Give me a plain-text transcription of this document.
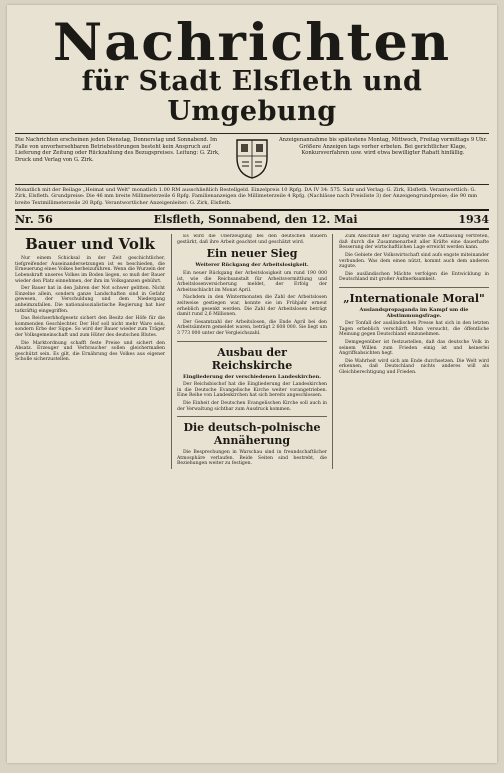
Nachrichten
für Stadt Elsfleth und Umgebung
Die Nachrichten erscheinen jeden Dienstag, Donnerstag und Sonnabend. Im Falle von unvorhersehbaren Betriebsstörungen besteht kein Anspruch auf Lieferung der Zeitung oder Rückzahlung des Bezugspreises. Leitung: G. Zirk, Druck und Verlag von G. Zirk.
Anzeigenannahme bis spätestens Montag, Mittwoch, Freitag vormittags 9 Uhr. Größere Anzeigen tags vorher erbeten. Bei gerichtlicher Klage, Konkursverfahren usw. wird etwa bewilligter Rabatt hinfällig.
Monatlich mit der Beilage „Heimat und Welt" monatlich 1.00 RM ausschließlich Bestellgeld. Einzelpreis 10 Rpfg. DA IV 34: 575. Satz und Verlag: G. Zirk, Elsfleth. Verantwortlich: G. Zirk, Elsfleth. Grundpreise: Die 46 mm breite Millimeterzeile 6 Rpfg. Familienanzeigen die Millimeterzeile 4 Rpfg. (Nachlässe nach Preisliste 3) der Anzeigengrundpreise; die 90 mm breite Textmillimeterzeile 20 Rpfg. Verantwortlicher Anzeigenleiter: G. Zirk, Elsfleth.
Nr. 56	Elsfleth, Sonnabend, den 12. Mai	1934
Bauer und Volk

Nur einem Schicksal in der Zeit geschichtlicher, tiefgreifender Auseinandersetzungen ist es beschieden, die Erneuerung eines Volkes herbeizuführen. Wenn die Wurzeln der Lebenskraft unseres Volkes im Boden liegen, so muß der Bauer wieder den Platz einnehmen, der ihm im Volksganzen gebührt.

Der Bauer hat in den Jahren der Not schwer gelitten. Nicht Einzelne allein, sondern ganze Landschaften sind in Gefahr gewesen, der Verschuldung und dem Niedergang anheimzufallen. Die nationalsozialistische Regierung hat hier tatkräftig eingegriffen.

Das Reichserbhofgesetz sichert den Besitz der Höfe für die kommenden Geschlechter. Der Hof soll nicht mehr Ware sein, sondern Erbe der Sippe. So wird der Bauer wieder zum Träger der Volksgemeinschaft und zum Hüter des deutschen Blutes.

Die Marktordnung schafft feste Preise und sichert den Absatz. Erzeuger und Verbraucher sollen gleichermaßen geschützt sein. Es gilt, die Ernährung des Volkes aus eigener Scholle sicherzustellen.

Es wird die Überzeugung bei den deutschen Bauern gestärkt, daß ihre Arbeit geachtet und geschätzt wird.

Ein neuer Sieg
Weiterer Rückgang der Arbeitslosigkeit.

Ein neuer Rückgang der Arbeitslosigkeit um rund 190 000 ist, wie die Reichsanstalt für Arbeitsvermittlung und Arbeitslosenversicherung meldet, der Erfolg der Arbeitsschlacht im Monat April.

Nachdem in den Wintermonaten die Zahl der Arbeitslosen zeitweise gestiegen war, konnte sie im Frühjahr erneut erheblich gesenkt werden. Die Zahl der Arbeitslosen beträgt damit rund 2,6 Millionen.

Der Gesamtzahl der Arbeitslosen, die Ende April bei den Arbeitsämtern gemeldet waren, beträgt 2 608 000. Sie liegt um 3 773 000 unter der Vergleichszahl.

Ausbau der Reichskirche
Eingliederung der verschiedenen Landeskirchen.

Der Reichsbischof hat die Eingliederung der Landeskirchen in die Deutsche Evangelische Kirche weiter vorangetrieben. Eine Reihe von Landeskirchen hat sich bereits angeschlossen.

Die Einheit der Deutschen Evangelischen Kirche soll auch in der Verwaltung sichtbar zum Ausdruck kommen.

Die deutsch-polnische Annäherung

Die Besprechungen in Warschau sind in freundschaftlicher Atmosphäre verlaufen. Beide Seiten sind bestrebt, die Beziehungen weiter zu festigen.

Zum Abschluß der Tagung wurde die Auffassung vertreten, daß durch die Zusammenarbeit aller Kräfte eine dauerhafte Besserung der wirtschaftlichen Lage erreicht werden kann.

Die Gebiete der Volkswirtschaft sind aufs engste miteinander verbunden. Was dem einen nützt, kommt auch dem anderen zugute.

Die ausländischen Mächte verfolgen die Entwicklung in Deutschland mit großer Aufmerksamkeit.

„Internationale Moral"
Auslandspropaganda im Kampf um die Abstimmungsfrage.

Der Tonfall der ausländischen Presse hat sich in den letzten Tagen erheblich verschärft. Man versucht, die öffentliche Meinung gegen Deutschland einzunehmen.

Demgegenüber ist festzustellen, daß das deutsche Volk in seinem Willen zum Frieden einig ist und keinerlei Angriffsabsichten hegt.

Die Wahrheit wird sich am Ende durchsetzen. Die Welt wird erkennen, daß Deutschland nichts anderes will als Gleichberechtigung und Frieden.
